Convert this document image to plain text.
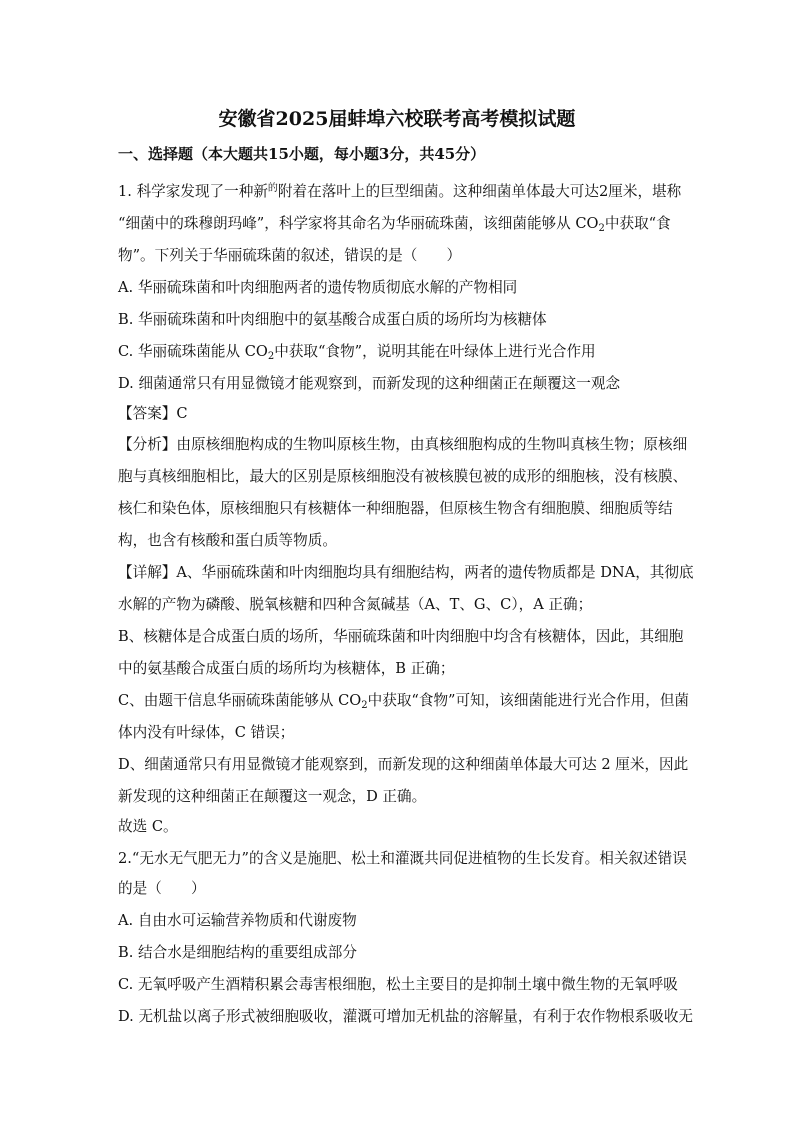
安徽省2025届蚌埠六校联考高考模拟试题
一、选择题（本大题共15小题，每小题3分，共45分）
1. 科学家发现了一种新$^的$附着在落叶上的巨型细菌。这种细菌单体最大可达2厘米，堪称
“细菌中的珠穆朗玛峰”，科学家将其命名为华丽硫珠菌，该细菌能够从 $CO_2$中获取“食
物”。下列关于华丽硫珠菌的叙述，错误的是（　　）
A. 华丽硫珠菌和叶肉细胞两者的遗传物质彻底水解的产物相同
B. 华丽硫珠菌和叶肉细胞中的氨基酸合成蛋白质的场所均为核糖体
C. 华丽硫珠菌能从 $CO_2$中获取“食物”，说明其能在叶绿体上进行光合作用
D. 细菌通常只有用显微镜才能观察到，而新发现的这种细菌正在颠覆这一观念
【答案】C
【分析】由原核细胞构成的生物叫原核生物，由真核细胞构成的生物叫真核生物；原核细
胞与真核细胞相比，最大的区别是原核细胞没有被核膜包被的成形的细胞核，没有核膜、
核仁和染色体，原核细胞只有核糖体一种细胞器，但原核生物含有细胞膜、细胞质等结
构，也含有核酸和蛋白质等物质。
【详解】A、华丽硫珠菌和叶肉细胞均具有细胞结构，两者的遗传物质都是 DNA，其彻底
水解的产物为磷酸、脱氧核糖和四种含氮碱基（A、T、G、C），A 正确；
B、核糖体是合成蛋白质的场所，华丽硫珠菌和叶肉细胞中均含有核糖体，因此，其细胞
中的氨基酸合成蛋白质的场所均为核糖体，B 正确；
C、由题干信息华丽硫珠菌能够从 $CO_2$中获取“食物”可知，该细菌能进行光合作用，但菌
体内没有叶绿体，C 错误；
D、细菌通常只有用显微镜才能观察到，而新发现的这种细菌单体最大可达 2 厘米，因此
新发现的这种细菌正在颠覆这一观念，D 正确。
故选 C。
2.“无水无气肥无力”的含义是施肥、松土和灌溉共同促进植物的生长发育。相关叙述错误
的是（　　）
A. 自由水可运输营养物质和代谢废物
B. 结合水是细胞结构的重要组成部分
C. 无氧呼吸产生酒精积累会毒害根细胞，松土主要目的是抑制土壤中微生物的无氧呼吸
D. 无机盐以离子形式被细胞吸收，灌溉可增加无机盐的溶解量，有利于农作物根系吸收无
